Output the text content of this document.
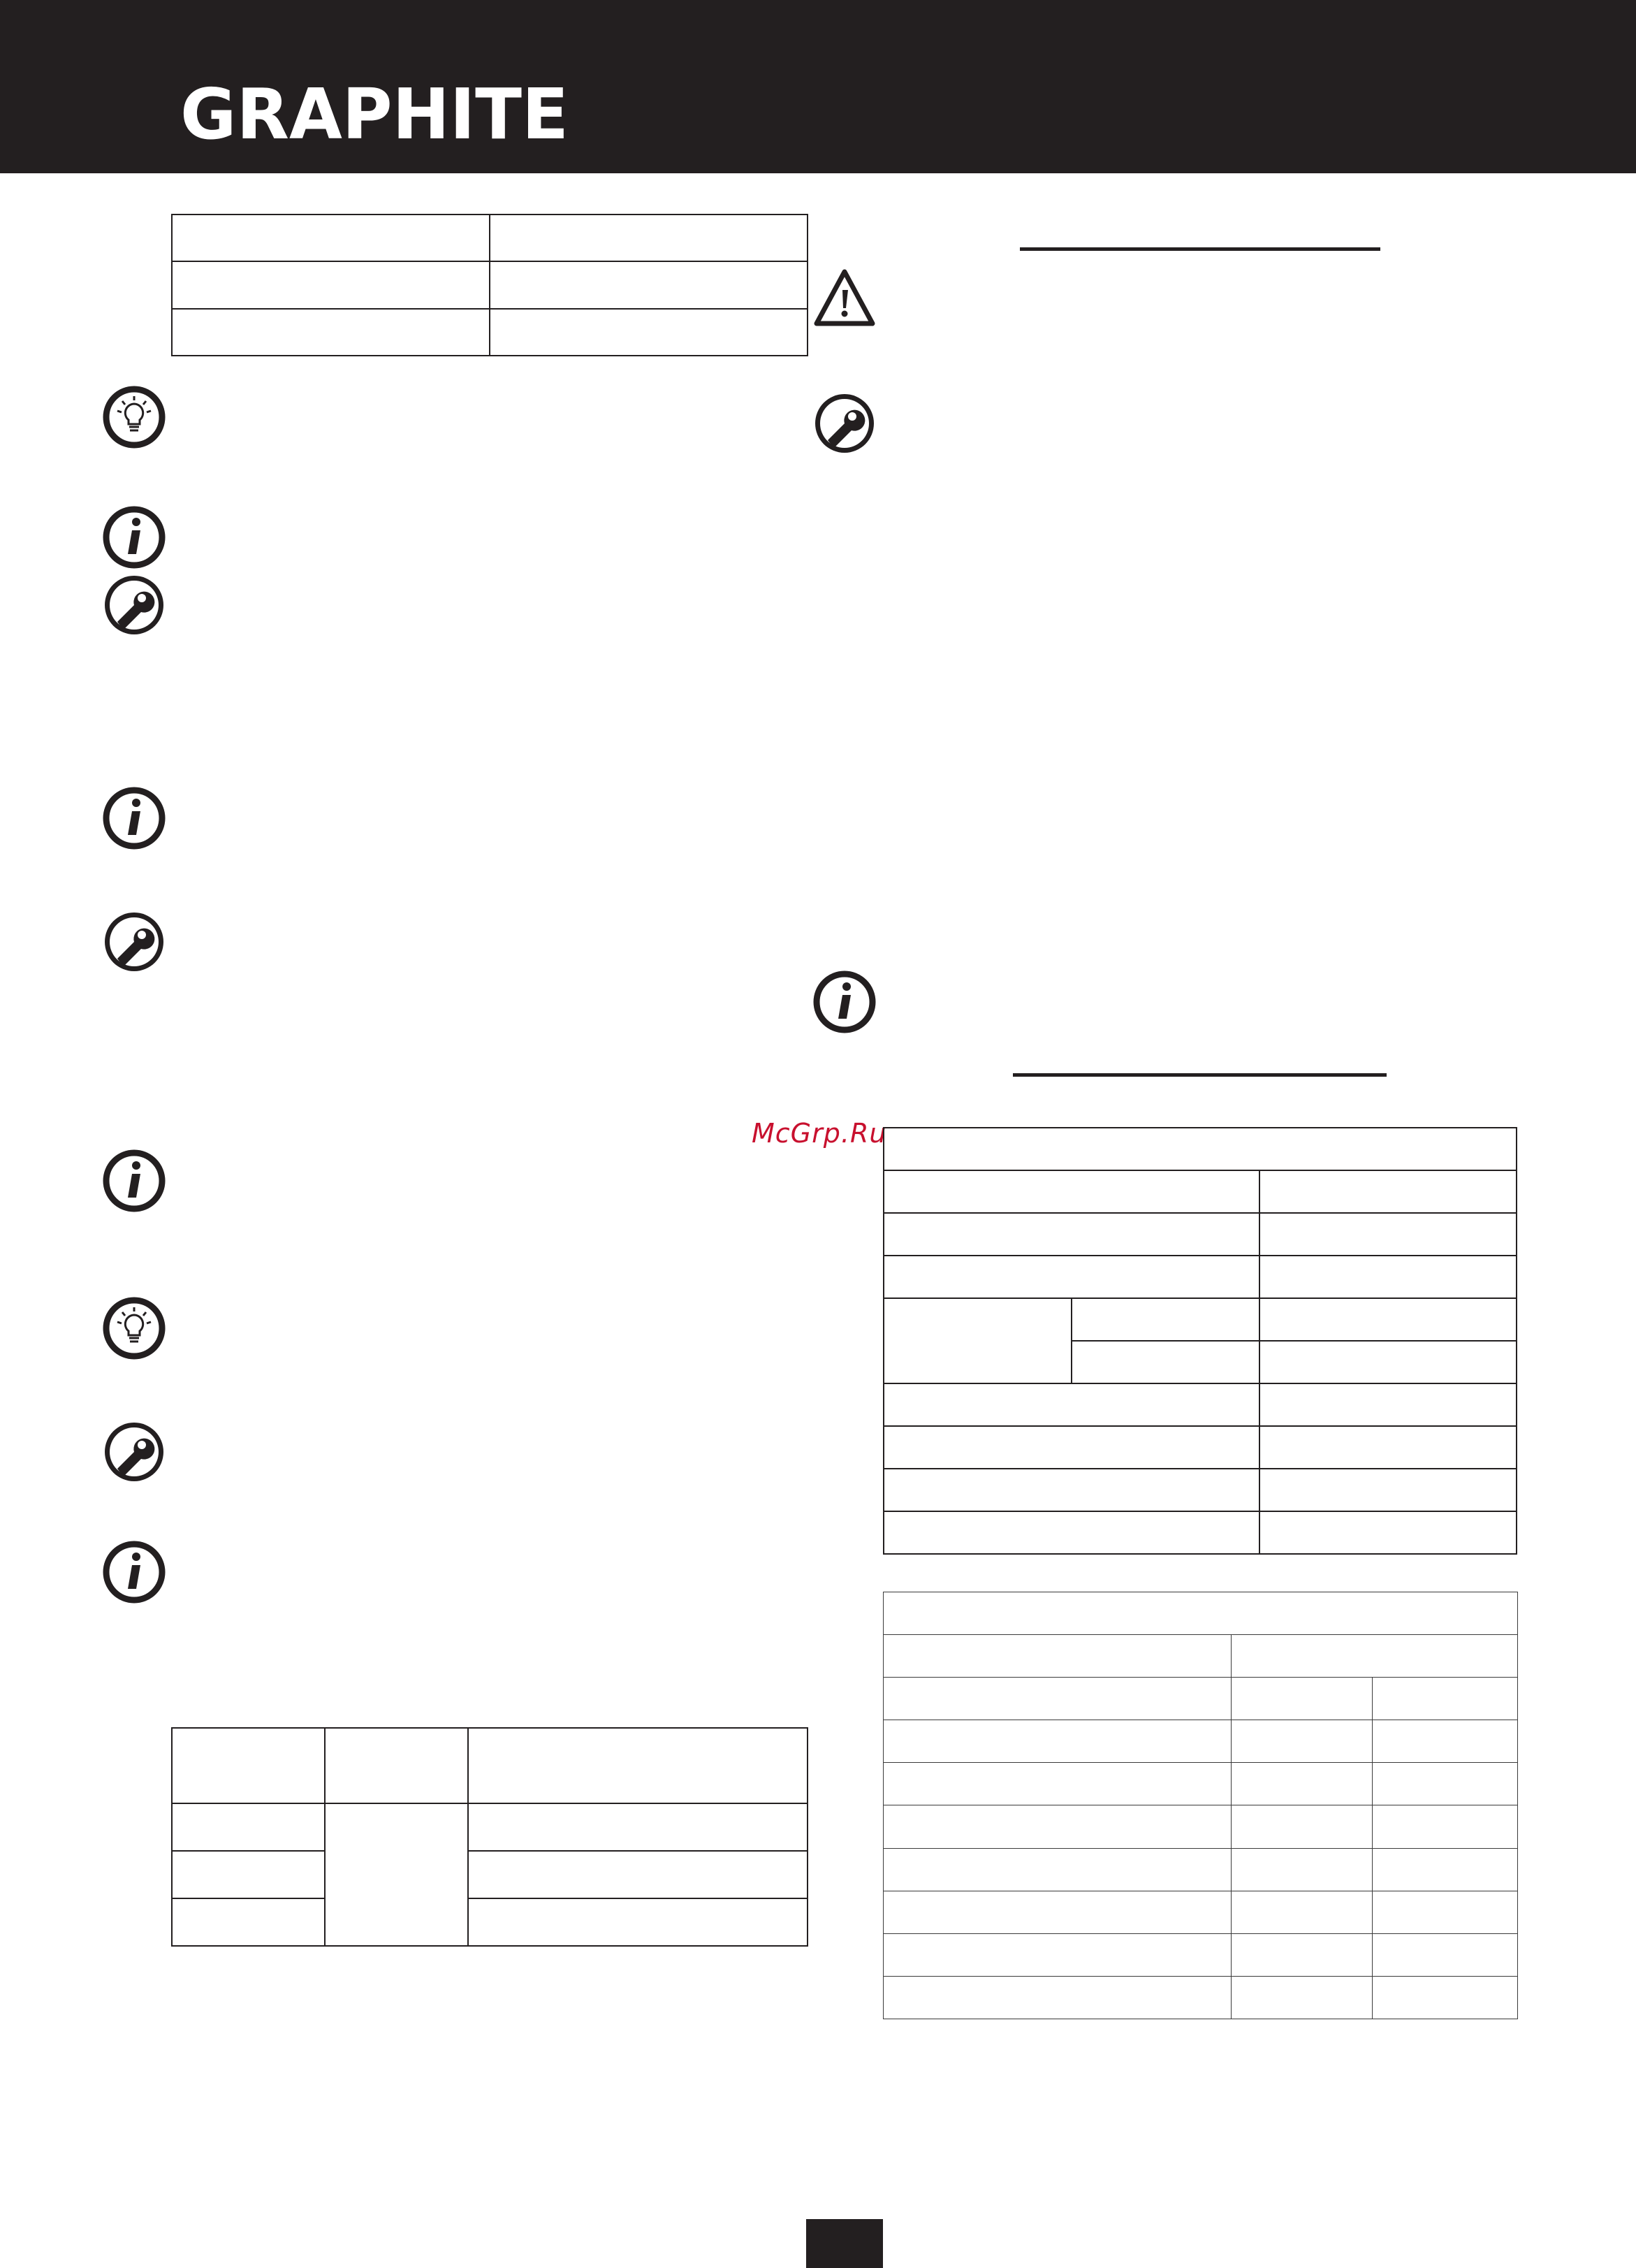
GRAPHITE

McGrp.Ru
